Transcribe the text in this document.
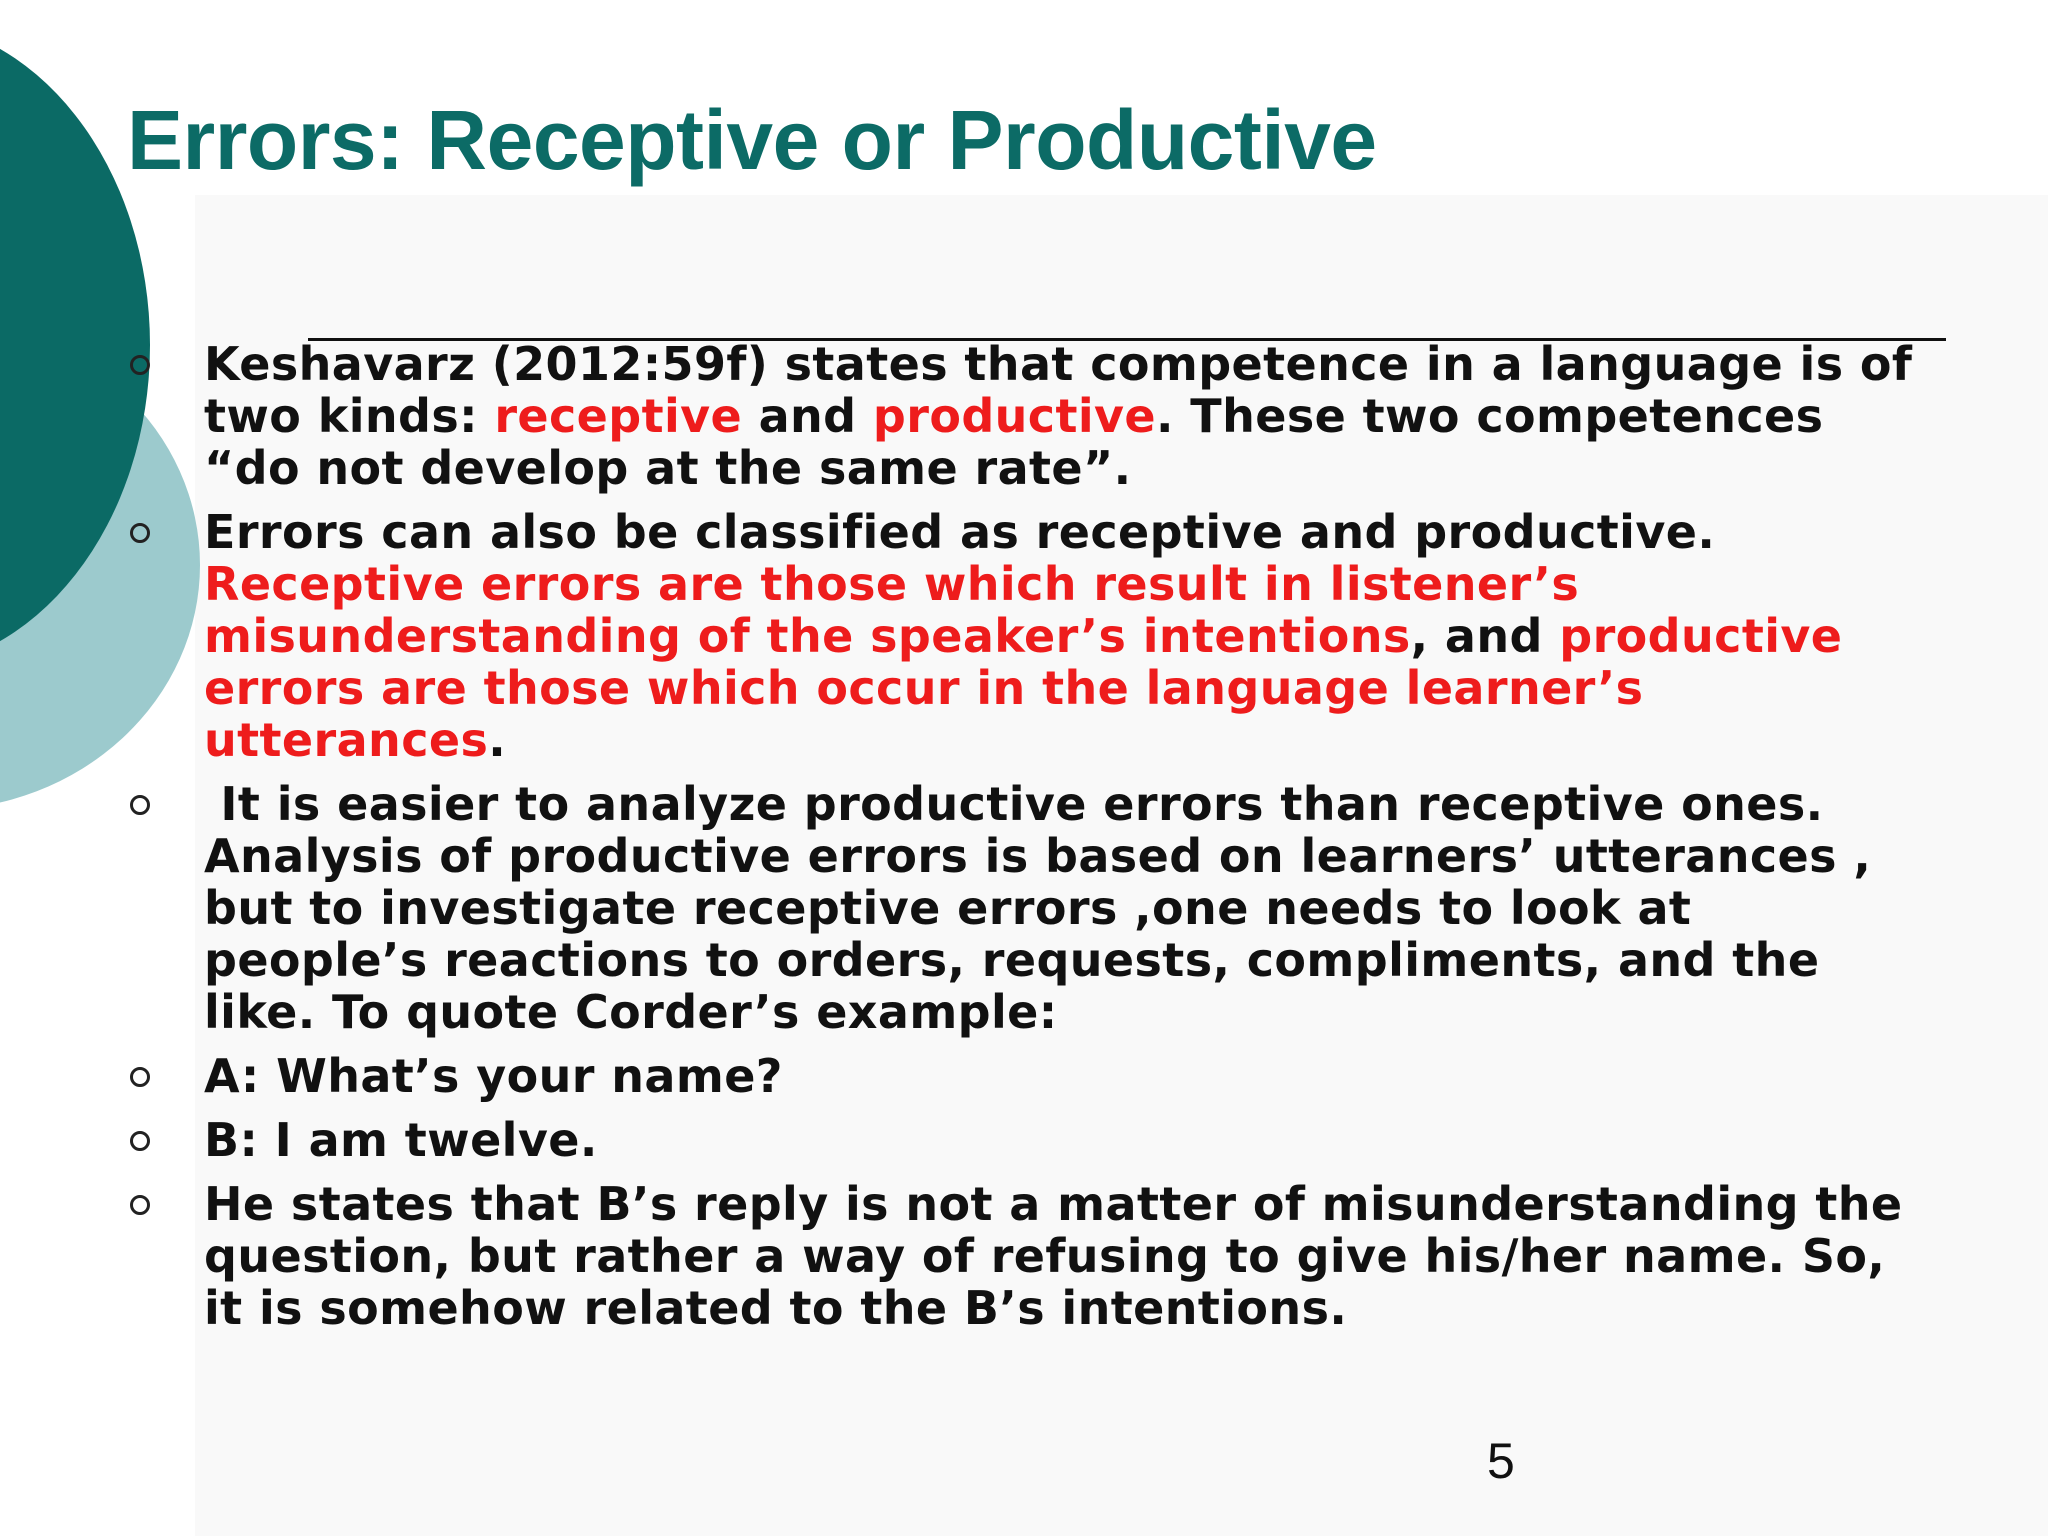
Errors: Receptive or Productive
Keshavarz (2012:59f) states that competence in a language is of two kinds: receptive and productive. These two competences “do not develop at the same rate”.
Errors can also be classified as receptive and productive. Receptive errors are those which result in listener’s misunderstanding of the speaker’s intentions, and productive errors are those which occur in the language learner’s utterances.
It is easier to analyze productive errors than receptive ones. Analysis of productive errors is based on learners’ utterances , but to investigate receptive errors ,one needs to look at people’s reactions to orders, requests, compliments, and the like. To quote Corder’s example:
A: What’s your name?
B: I am twelve.
He states that B’s reply is not a matter of misunderstanding the question, but rather a way of refusing to give his/her name. So, it is somehow related to the B’s intentions.
5
